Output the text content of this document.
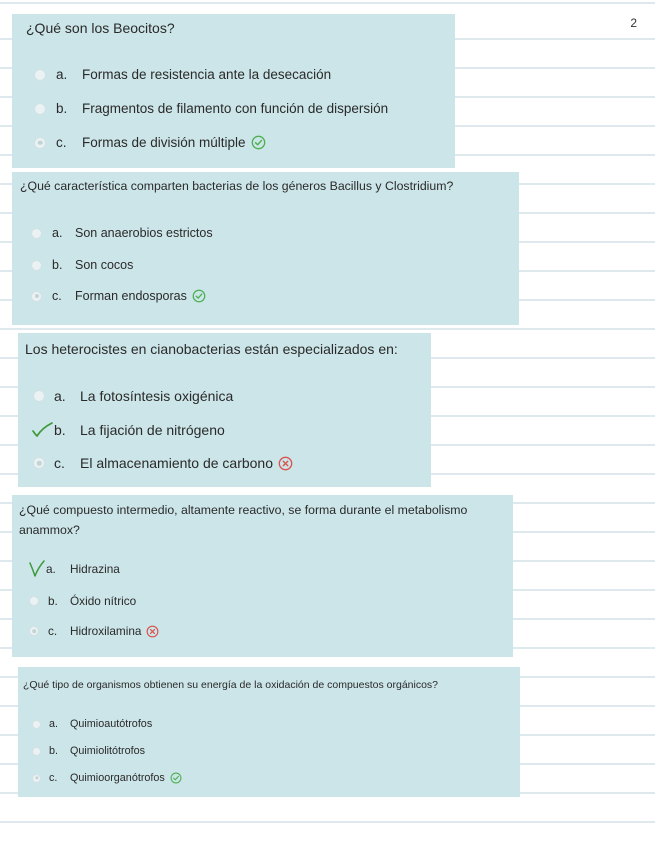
2

¿Qué son los Beocitos?

a.	Formas de resistencia ante la desecación
b.	Fragmentos de filamento con función de dispersión
c.	Formas de división múltiple

¿Qué característica comparten bacterias de los géneros Bacillus y Clostridium?

a.	Son anaerobios estrictos
b.	Son cocos
c.	Forman endosporas

Los heterocistes en cianobacterias están especializados en:

a.	La fotosíntesis oxigénica
b.	La fijación de nitrógeno
c.	El almacenamiento de carbono

¿Qué compuesto intermedio, altamente reactivo, se forma durante el metabolismo anammox?

a.	Hidrazina
b.	Óxido nítrico
c.	Hidroxilamina

¿Qué tipo de organismos obtienen su energía de la oxidación de compuestos orgánicos?

a.	Quimioautótrofos
b.	Quimiolitótrofos
c.	Quimioorganótrofos
